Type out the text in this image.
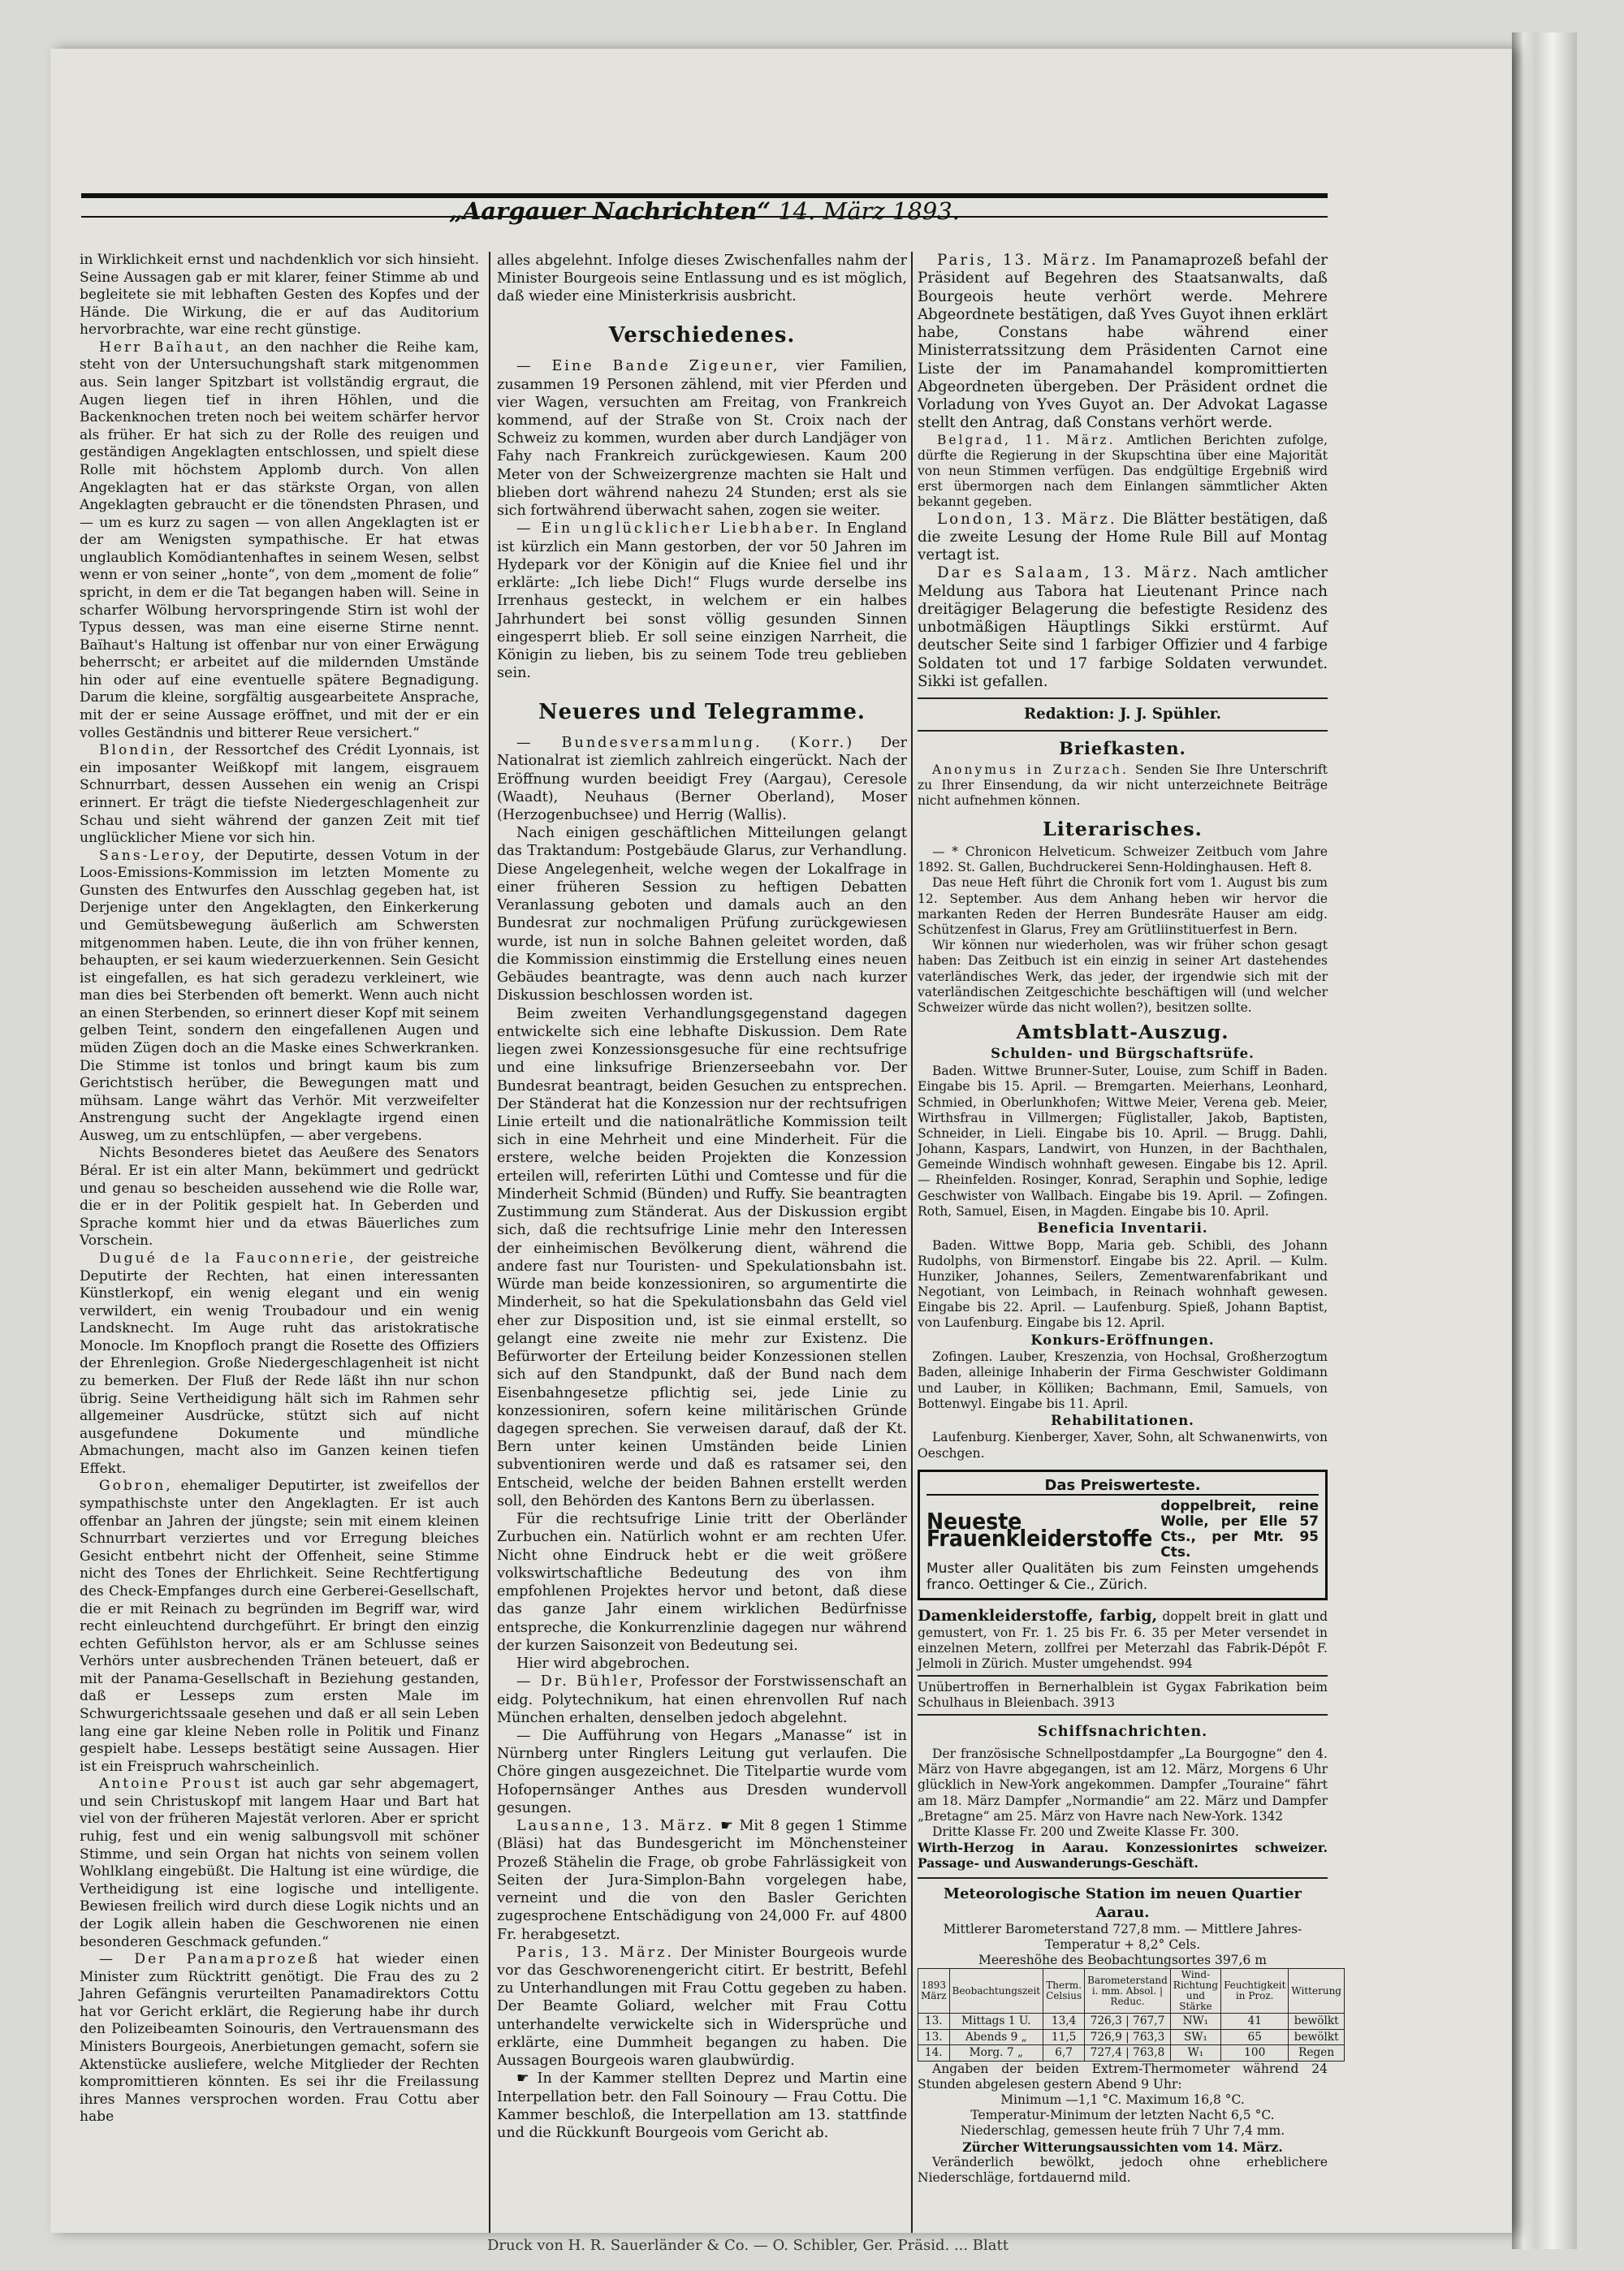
„Aargauer Nachrichten“ 14. März 1893.

in Wirklichkeit ernst und nachdenklich vor sich hinsieht. Seine Aussagen gab er mit klarer, feiner Stimme ab und begleitete sie mit lebhaften Gesten des Kopfes und der Hände. Die Wirkung, die er auf das Auditorium hervorbrachte, war eine recht günstige.

Herr Baïhaut, an den nachher die Reihe kam, steht von der Untersuchungshaft stark mitgenommen aus. Sein langer Spitzbart ist vollständig ergraut, die Augen liegen tief in ihren Höhlen, und die Backenknochen treten noch bei weitem schärfer hervor als früher. Er hat sich zu der Rolle des reuigen und geständigen Angeklagten entschlossen, und spielt diese Rolle mit höchstem Applomb durch. Von allen Angeklagten hat er das stärkste Organ, von allen Angeklagten gebraucht er die tönendsten Phrasen, und — um es kurz zu sagen — von allen Angeklagten ist er der am Wenigsten sympathische. Er hat etwas unglaublich Komödiantenhaftes in seinem Wesen, selbst wenn er von seiner „honte“, von dem „moment de folie“ spricht, in dem er die Tat begangen haben will. Seine in scharfer Wölbung hervorspringende Stirn ist wohl der Typus dessen, was man eine eiserne Stirne nennt. Baïhaut's Haltung ist offenbar nur von einer Erwägung beherrscht; er arbeitet auf die mildernden Umstände hin oder auf eine eventuelle spätere Begnadigung. Darum die kleine, sorgfältig ausgearbeitete Ansprache, mit der er seine Aussage eröffnet, und mit der er ein volles Geständnis und bitterer Reue versichert.“

Blondin, der Ressortchef des Crédit Lyonnais, ist ein imposanter Weißkopf mit langem, eisgrauem Schnurrbart, dessen Aussehen ein wenig an Crispi erinnert. Er trägt die tiefste Niedergeschlagenheit zur Schau und sieht während der ganzen Zeit mit tief unglücklicher Miene vor sich hin.

Sans-Leroy, der Deputirte, dessen Votum in der Loos-Emissions-Kommission im letzten Momente zu Gunsten des Entwurfes den Ausschlag gegeben hat, ist Derjenige unter den Angeklagten, den Einkerkerung und Gemütsbewegung äußerlich am Schwersten mitgenommen haben. Leute, die ihn von früher kennen, behaupten, er sei kaum wiederzuerkennen. Sein Gesicht ist eingefallen, es hat sich geradezu verkleinert, wie man dies bei Sterbenden oft bemerkt. Wenn auch nicht an einen Sterbenden, so erinnert dieser Kopf mit seinem gelben Teint, sondern den eingefallenen Augen und müden Zügen doch an die Maske eines Schwerkranken. Die Stimme ist tonlos und bringt kaum bis zum Gerichtstisch herüber, die Bewegungen matt und mühsam. Lange währt das Verhör. Mit verzweifelter Anstrengung sucht der Angeklagte irgend einen Ausweg, um zu entschlüpfen, — aber vergebens.

Nichts Besonderes bietet das Aeußere des Senators Béral. Er ist ein alter Mann, bekümmert und gedrückt und genau so bescheiden aussehend wie die Rolle war, die er in der Politik gespielt hat. In Geberden und Sprache kommt hier und da etwas Bäuerliches zum Vorschein.

Dugué de la Fauconnerie, der geistreiche Deputirte der Rechten, hat einen interessanten Künstlerkopf, ein wenig elegant und ein wenig verwildert, ein wenig Troubadour und ein wenig Landsknecht. Im Auge ruht das aristokratische Monocle. Im Knopfloch prangt die Rosette des Offiziers der Ehrenlegion. Große Niedergeschlagenheit ist nicht zu bemerken. Der Fluß der Rede läßt ihn nur schon übrig. Seine Vertheidigung hält sich im Rahmen sehr allgemeiner Ausdrücke, stützt sich auf nicht ausgefundene Dokumente und mündliche Abmachungen, macht also im Ganzen keinen tiefen Effekt.

Gobron, ehemaliger Deputirter, ist zweifellos der sympathischste unter den Angeklagten. Er ist auch offenbar an Jahren der jüngste; sein mit einem kleinen Schnurrbart verziertes und vor Erregung bleiches Gesicht entbehrt nicht der Offenheit, seine Stimme nicht des Tones der Ehrlichkeit. Seine Rechtfertigung des Check-Empfanges durch eine Gerberei-Gesellschaft, die er mit Reinach zu begründen im Begriff war, wird recht einleuchtend durchgeführt. Er bringt den einzig echten Gefühlston hervor, als er am Schlusse seines Verhörs unter ausbrechenden Tränen beteuert, daß er mit der Panama-Gesellschaft in Beziehung gestanden, daß er Lesseps zum ersten Male im Schwurgerichtssaale gesehen und daß er all sein Leben lang eine gar kleine Neben rolle in Politik und Finanz gespielt habe. Lesseps bestätigt seine Aussagen. Hier ist ein Freispruch wahrscheinlich.

Antoine Proust ist auch gar sehr abgemagert, und sein Christuskopf mit langem Haar und Bart hat viel von der früheren Majestät verloren. Aber er spricht ruhig, fest und ein wenig salbungsvoll mit schöner Stimme, und sein Organ hat nichts von seinem vollen Wohlklang eingebüßt. Die Haltung ist eine würdige, die Vertheidigung ist eine logische und intelligente. Bewiesen freilich wird durch diese Logik nichts und an der Logik allein haben die Geschworenen nie einen besonderen Geschmack gefunden.“

— Der Panamaprozeß hat wieder einen Minister zum Rücktritt genötigt. Die Frau des zu 2 Jahren Gefängnis verurteilten Panamadirektors Cottu hat vor Gericht erklärt, die Regierung habe ihr durch den Polizeibeamten Soinouris, den Vertrauensmann des Ministers Bourgeois, Anerbietungen gemacht, sofern sie Aktenstücke ausliefere, welche Mitglieder der Rechten kompromittieren könnten. Es sei ihr die Freilassung ihres Mannes versprochen worden. Frau Cottu aber habe

alles abgelehnt. Infolge dieses Zwischenfalles nahm der Minister Bourgeois seine Entlassung und es ist möglich, daß wieder eine Ministerkrisis ausbricht.

Verschiedenes.

— Eine Bande Zigeuner, vier Familien, zusammen 19 Personen zählend, mit vier Pferden und vier Wagen, versuchten am Freitag, von Frankreich kommend, auf der Straße von St. Croix nach der Schweiz zu kommen, wurden aber durch Landjäger von Fahy nach Frankreich zurückgewiesen. Kaum 200 Meter von der Schweizergrenze machten sie Halt und blieben dort während nahezu 24 Stunden; erst als sie sich fortwährend überwacht sahen, zogen sie weiter.

— Ein unglücklicher Liebhaber. In England ist kürzlich ein Mann gestorben, der vor 50 Jahren im Hydepark vor der Königin auf die Kniee fiel und ihr erklärte: „Ich liebe Dich!“ Flugs wurde derselbe ins Irrenhaus gesteckt, in welchem er ein halbes Jahrhundert bei sonst völlig gesunden Sinnen eingesperrt blieb. Er soll seine einzigen Narrheit, die Königin zu lieben, bis zu seinem Tode treu geblieben sein.

Neueres und Telegramme.

— Bundesversammlung. (Korr.) Der Nationalrat ist ziemlich zahlreich eingerückt. Nach der Eröffnung wurden beeidigt Frey (Aargau), Ceresole (Waadt), Neuhaus (Berner Oberland), Moser (Herzogenbuchsee) und Herrig (Wallis).

Nach einigen geschäftlichen Mitteilungen gelangt das Traktandum: Postgebäude Glarus, zur Verhandlung. Diese Angelegenheit, welche wegen der Lokalfrage in einer früheren Session zu heftigen Debatten Veranlassung geboten und damals auch an den Bundesrat zur nochmaligen Prüfung zurückgewiesen wurde, ist nun in solche Bahnen geleitet worden, daß die Kommission einstimmig die Erstellung eines neuen Gebäudes beantragte, was denn auch nach kurzer Diskussion beschlossen worden ist.

Beim zweiten Verhandlungsgegenstand dagegen entwickelte sich eine lebhafte Diskussion. Dem Rate liegen zwei Konzessionsgesuche für eine rechtsufrige und eine linksufrige Brienzerseebahn vor. Der Bundesrat beantragt, beiden Gesuchen zu entsprechen. Der Ständerat hat die Konzession nur der rechtsufrigen Linie erteilt und die nationalrätliche Kommission teilt sich in eine Mehrheit und eine Minderheit. Für die erstere, welche beiden Projekten die Konzession erteilen will, referirten Lüthi und Comtesse und für die Minderheit Schmid (Bünden) und Ruffy. Sie beantragten Zustimmung zum Ständerat. Aus der Diskussion ergibt sich, daß die rechtsufrige Linie mehr den Interessen der einheimischen Bevölkerung dient, während die andere fast nur Touristen- und Spekulationsbahn ist. Würde man beide konzessioniren, so argumentirte die Minderheit, so hat die Spekulationsbahn das Geld viel eher zur Disposition und, ist sie einmal erstellt, so gelangt eine zweite nie mehr zur Existenz. Die Befürworter der Erteilung beider Konzessionen stellen sich auf den Standpunkt, daß der Bund nach dem Eisenbahngesetze pflichtig sei, jede Linie zu konzessioniren, sofern keine militärischen Gründe dagegen sprechen. Sie verweisen darauf, daß der Kt. Bern unter keinen Umständen beide Linien subventioniren werde und daß es ratsamer sei, den Entscheid, welche der beiden Bahnen erstellt werden soll, den Behörden des Kantons Bern zu überlassen.

Für die rechtsufrige Linie tritt der Oberländer Zurbuchen ein. Natürlich wohnt er am rechten Ufer. Nicht ohne Eindruck hebt er die weit größere volkswirtschaftliche Bedeutung des von ihm empfohlenen Projektes hervor und betont, daß diese das ganze Jahr einem wirklichen Bedürfnisse entspreche, die Konkurrenzlinie dagegen nur während der kurzen Saisonzeit von Bedeutung sei.

Hier wird abgebrochen.

— Dr. Bühler, Professor der Forstwissenschaft an eidg. Polytechnikum, hat einen ehrenvollen Ruf nach München erhalten, denselben jedoch abgelehnt.

— Die Aufführung von Hegars „Manasse“ ist in Nürnberg unter Ringlers Leitung gut verlaufen. Die Chöre gingen ausgezeichnet. Die Titelpartie wurde vom Hofopernsänger Anthes aus Dresden wundervoll gesungen.

Lausanne, 13. März. ☛ Mit 8 gegen 1 Stimme (Bläsi) hat das Bundesgericht im Mönchensteiner Prozeß Stähelin die Frage, ob grobe Fahrlässigkeit von Seiten der Jura-Simplon-Bahn vorgelegen habe, verneint und die von den Basler Gerichten zugesprochene Entschädigung von 24,000 Fr. auf 4800 Fr. herabgesetzt.

Paris, 13. März. Der Minister Bourgeois wurde vor das Geschworenengericht citirt. Er bestritt, Befehl zu Unterhandlungen mit Frau Cottu gegeben zu haben. Der Beamte Goliard, welcher mit Frau Cottu unterhandelte verwickelte sich in Widersprüche und erklärte, eine Dummheit begangen zu haben. Die Aussagen Bourgeois waren glaubwürdig.

☛ In der Kammer stellten Deprez und Martin eine Interpellation betr. den Fall Soinoury — Frau Cottu. Die Kammer beschloß, die Interpellation am 13. stattfinde und die Rückkunft Bourgeois vom Gericht ab.

Paris, 13. März. Im Panamaprozeß befahl der Präsident auf Begehren des Staatsanwalts, daß Bourgeois heute verhört werde. Mehrere Abgeordnete bestätigen, daß Yves Guyot ihnen erklärt habe, Constans habe während einer Ministerratssitzung dem Präsidenten Carnot eine Liste der im Panamahandel kompromittierten Abgeordneten übergeben. Der Präsident ordnet die Vorladung von Yves Guyot an. Der Advokat Lagasse stellt den Antrag, daß Constans verhört werde.

Belgrad, 11. März. Amtlichen Berichten zufolge, dürfte die Regierung in der Skupschtina über eine Majorität von neun Stimmen verfügen. Das endgültige Ergebniß wird erst übermorgen nach dem Einlangen sämmtlicher Akten bekannt gegeben.

London, 13. März. Die Blätter bestätigen, daß die zweite Lesung der Home Rule Bill auf Montag vertagt ist.

Dar es Salaam, 13. März. Nach amtlicher Meldung aus Tabora hat Lieutenant Prince nach dreitägiger Belagerung die befestigte Residenz des unbotmäßigen Häuptlings Sikki erstürmt. Auf deutscher Seite sind 1 farbiger Offizier und 4 farbige Soldaten tot und 17 farbige Soldaten verwundet. Sikki ist gefallen.

Redaktion: J. J. Spühler.
Briefkasten.

Anonymus in Zurzach. Senden Sie Ihre Unterschrift zu Ihrer Einsendung, da wir nicht unterzeichnete Beiträge nicht aufnehmen können.

Literarisches.

— * Chronicon Helveticum. Schweizer Zeitbuch vom Jahre 1892. St. Gallen, Buchdruckerei Senn-Holdinghausen. Heft 8.

Das neue Heft führt die Chronik fort vom 1. August bis zum 12. September. Aus dem Anhang heben wir hervor die markanten Reden der Herren Bundesräte Hauser am eidg. Schützenfest in Glarus, Frey am Grütliinstituerfest in Bern.

Wir können nur wiederholen, was wir früher schon gesagt haben: Das Zeitbuch ist ein einzig in seiner Art dastehendes vaterländisches Werk, das jeder, der irgendwie sich mit der vaterländischen Zeitgeschichte beschäftigen will (und welcher Schweizer würde das nicht wollen?), besitzen sollte.

Amtsblatt-Auszug.
Schulden- und Bürgschaftsrüfe.

Baden. Wittwe Brunner-Suter, Louise, zum Schiff in Baden. Eingabe bis 15. April. — Bremgarten. Meierhans, Leonhard, Schmied, in Oberlunkhofen; Wittwe Meier, Verena geb. Meier, Wirthsfrau in Villmergen; Füglistaller, Jakob, Baptisten, Schneider, in Lieli. Eingabe bis 10. April. — Brugg. Dahli, Johann, Kaspars, Landwirt, von Hunzen, in der Bachthalen, Gemeinde Windisch wohnhaft gewesen. Eingabe bis 12. April. — Rheinfelden. Rosinger, Konrad, Seraphin und Sophie, ledige Geschwister von Wallbach. Eingabe bis 19. April. — Zofingen. Roth, Samuel, Eisen, in Magden. Eingabe bis 10. April.

Beneficia Inventarii.

Baden. Wittwe Bopp, Maria geb. Schibli, des Johann Rudolphs, von Birmenstorf. Eingabe bis 22. April. — Kulm. Hunziker, Johannes, Seilers, Zementwarenfabrikant und Negotiant, von Leimbach, in Reinach wohnhaft gewesen. Eingabe bis 22. April. — Laufenburg. Spieß, Johann Baptist, von Laufenburg. Eingabe bis 12. April.

Konkurs-Eröffnungen.

Zofingen. Lauber, Kreszenzia, von Hochsal, Großherzogtum Baden, alleinige Inhaberin der Firma Geschwister Goldimann und Lauber, in Kölliken; Bachmann, Emil, Samuels, von Bottenwyl. Eingabe bis 11. April.

Rehabilitationen.

Laufenburg. Kienberger, Xaver, Sohn, alt Schwanenwirts, von Oeschgen.

Das Preiswerteste.
Neueste Frauenkleiderstoffe
doppelbreit, reine Wolle, per Elle 57 Cts., per Mtr. 95 Cts.
Muster aller Qualitäten bis zum Feinsten umgehends franco. Oettinger & Cie., Zürich.
Damenkleiderstoffe, farbig, doppelt breit in glatt und gemustert, von Fr. 1. 25 bis Fr. 6. 35 per Meter versendet in einzelnen Metern, zollfrei per Meterzahl das Fabrik-Dépôt F. Jelmoli in Zürich. Muster umgehendst. 994
Unübertroffen in Bernerhalblein ist Gygax Fabrikation beim Schulhaus in Bleienbach. 3913
Schiffsnachrichten.

Der französische Schnellpostdampfer „La Bourgogne“ den 4. März von Havre abgegangen, ist am 12. März, Morgens 6 Uhr glücklich in New-York angekommen. Dampfer „Touraine“ fährt am 18. März Dampfer „Normandie“ am 22. März und Dampfer „Bretagne“ am 25. März von Havre nach New-York. 1342

Dritte Klasse Fr. 200 und Zweite Klasse Fr. 300.

Wirth-Herzog in Aarau. Konzessionirtes schweizer. Passage- und Auswanderungs-Geschäft.

Meteorologische Station im neuen Quartier Aarau.
Mittlerer Barometerstand 727,8 mm. — Mittlere Jahres-Temperatur + 8,2° Cels.
Meereshöhe des Beobachtungsortes 397,6 m
1893 März	Beobachtungszeit	Therm. Celsius	Barometerstand i. mm. Absol. | Reduc.	Wind-Richtung und Stärke	Feuchtigkeit in Proz.	Witterung
13.	Mittags 1 U.	13,4	726,3 | 767,7	NW₁	41	bewölkt
13.	Abends 9 „	11,5	726,9 | 763,3	SW₁	65	bewölkt
14.	Morg. 7 „	6,7	727,4 | 763,8	W₁	100	Regen

Angaben der beiden Extrem-Thermometer während 24 Stunden abgelesen gestern Abend 9 Uhr:

Minimum —1,1 °C. Maximum 16,8 °C.

Temperatur-Minimum der letzten Nacht 6,5 °C.

Niederschlag, gemessen heute früh 7 Uhr 7,4 mm.

Zürcher Witterungsaussichten vom 14. März.

Veränderlich bewölkt, jedoch ohne erheblichere Niederschläge, fortdauernd mild.

Druck von H. R. Sauerländer & Co. — O. Schibler, Ger. Präsid. ... Blatt
